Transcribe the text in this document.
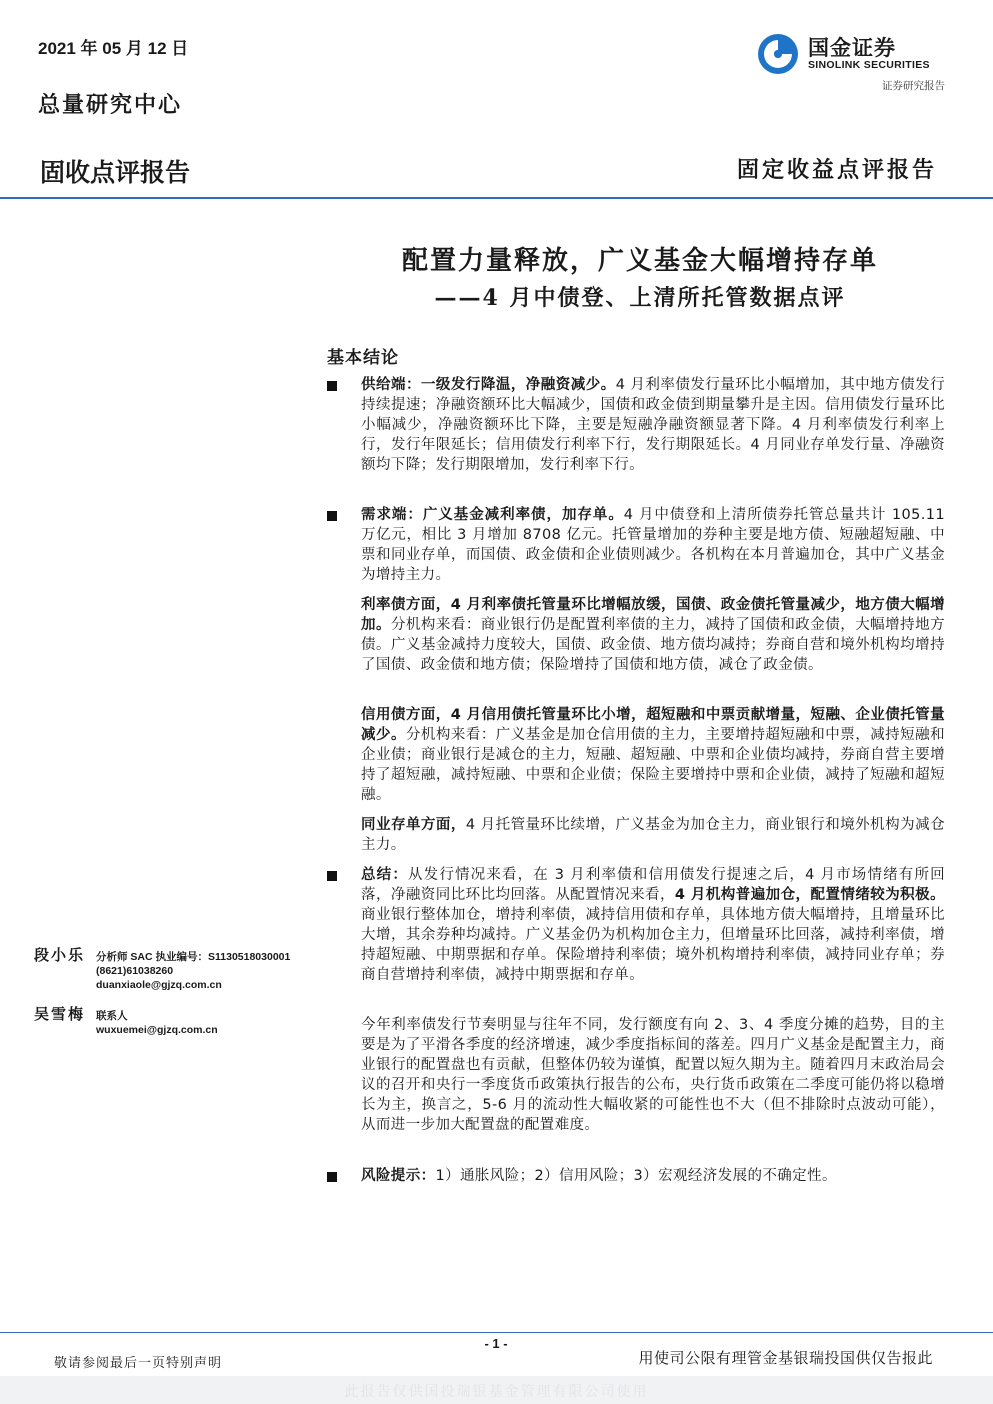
2021 年 05 月 12 日
总量研究中心
固收点评报告	固定收益点评报告
国金证券
SINOLINK SECURITIES
证券研究报告
配置力量释放，广义基金大幅增持存单
——4 月中债登、上清所托管数据点评
基本结论
供给端：一级发行降温，净融资减少。4 月利率债发行量环比小幅增加，其中地方债发行持续提速；净融资额环比大幅减少，国债和政金债到期量攀升是主因。信用债发行量环比小幅减少，净融资额环比下降，主要是短融净融资额显著下降。4 月利率债发行利率上行，发行年限延长；信用债发行利率下行，发行期限延长。4 月同业存单发行量、净融资额均下降；发行期限增加，发行利率下行。
需求端：广义基金减利率债，加存单。4 月中债登和上清所债券托管总量共计 105.11 万亿元，相比 3 月增加 8708 亿元。托管量增加的券种主要是地方债、短融超短融、中票和同业存单，而国债、政金债和企业债则减少。各机构在本月普遍加仓，其中广义基金为增持主力。
利率债方面，4 月利率债托管量环比增幅放缓，国债、政金债托管量减少，地方债大幅增加。分机构来看：商业银行仍是配置利率债的主力，减持了国债和政金债，大幅增持地方债。广义基金减持力度较大，国债、政金债、地方债均减持；券商自营和境外机构均增持了国债、政金债和地方债；保险增持了国债和地方债，减仓了政金债。
信用债方面，4 月信用债托管量环比小增，超短融和中票贡献增量，短融、企业债托管量减少。分机构来看：广义基金是加仓信用债的主力，主要增持超短融和中票，减持短融和企业债；商业银行是减仓的主力，短融、超短融、中票和企业债均减持，券商自营主要增持了超短融，减持短融、中票和企业债；保险主要增持中票和企业债，减持了短融和超短融。
同业存单方面，4 月托管量环比续增，广义基金为加仓主力，商业银行和境外机构为减仓主力。
总结：从发行情况来看，在 3 月利率债和信用债发行提速之后，4 月市场情绪有所回落，净融资同比环比均回落。从配置情况来看，4 月机构普遍加仓，配置情绪较为积极。商业银行整体加仓，增持利率债，减持信用债和存单，具体地方债大幅增持，且增量环比大增，其余券种均减持。广义基金仍为机构加仓主力，但增量环比回落，减持利率债，增持超短融、中期票据和存单。保险增持利率债；境外机构增持利率债，减持同业存单；券商自营增持利率债，减持中期票据和存单。
今年利率债发行节奏明显与往年不同，发行额度有向 2、3、4 季度分摊的趋势，目的主要是为了平滑各季度的经济增速，减少季度指标间的落差。四月广义基金是配置主力，商业银行的配置盘也有贡献，但整体仍较为谨慎，配置以短久期为主。随着四月末政治局会议的召开和央行一季度货币政策执行报告的公布，央行货币政策在二季度可能仍将以稳增长为主，换言之，5-6 月的流动性大幅收紧的可能性也不大（但不排除时点波动可能），从而进一步加大配置盘的配置难度。
风险提示：1）通胀风险；2）信用风险；3）宏观经济发展的不确定性。
段小乐 分析师 SAC 执业编号：S1130518030001
(8621)61038260
duanxiaole@gjzq.com.cn
吴雪梅 联系人
wuxuemei@gjzq.com.cn
- 1 -
敬请参阅最后一页特别声明	用使司公限有理管金基银瑞投国供仅告报此
此报告仅供国投瑞银基金管理有限公司使用
